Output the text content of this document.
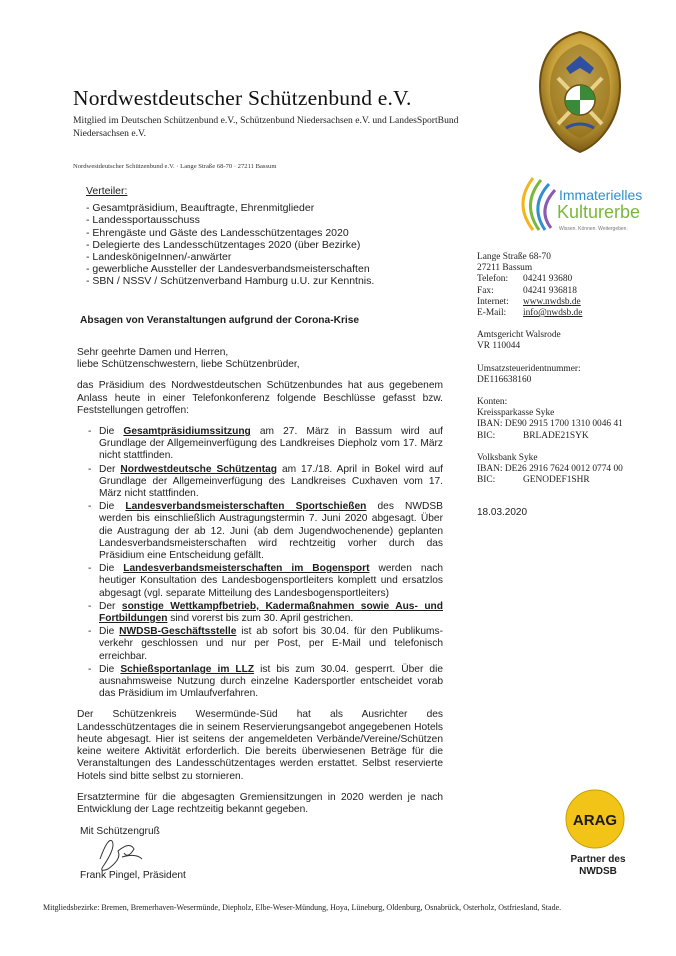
Nordwestdeutscher Schützenbund e.V.
Mitglied im Deutschen Schützenbund e.V., Schützenbund Niedersachsen e.V. und LandesSportBund Niedersachsen e.V.
Nordwestdeutscher Schützenbund e.V. · Lange Straße 68-70 · 27211 Bassum
Immaterielles
Kulturerbe
Wissen. Können. Weitergeben.
Lange Straße 68-70
27211 Bassum
Telefon:	04241 93680
Fax:	04241 936818
Internet:	www.nwdsb.de
E-Mail:	info@nwdsb.de
Amtsgericht Walsrode
VR 110044
Umsatzsteueridentnummer:
DE116638160
Konten:
Kreissparkasse Syke
IBAN: DE90 2915 1700 1310 0046 41
BIC:	BRLADE21SYK
Volksbank Syke
IBAN: DE26 2916 7624 0012 0774 00
BIC:	GENODEF1SHR
18.03.2020
Verteiler:
- Gesamtpräsidium, Beauftragte, Ehrenmitglieder
- Landessportausschuss
- Ehrengäste und Gäste des Landesschützentages 2020
- Delegierte des Landesschützentages 2020 (über Bezirke)
- LandeskönigeInnen/-anwärter
- gewerbliche Aussteller der Landesverbandsmeisterschaften
- SBN / NSSV / Schützenverband Hamburg u.U. zur Kenntnis.
Absagen von Veranstaltungen aufgrund der Corona-Krise

Sehr geehrte Damen und Herren,
liebe Schützenschwestern, liebe Schützenbrüder,

das Präsidium des Nordwestdeutschen Schützenbundes hat aus gegebenem Anlass heute in einer Telefonkonferenz folgende Beschlüsse gefasst bzw. Feststellungen getroffen:

- Die Gesamtpräsidiumssitzung am 27. März in Bassum wird auf Grundlage der Allgemeinverfügung des Landkreises Diepholz vom 17. März nicht stattfinden.
- Der Nordwestdeutsche Schützentag am 17./18. April in Bokel wird auf Grundlage der Allgemeinverfügung des Landkreises Cuxhaven vom 17. März nicht stattfinden.
- Die Landesverbandsmeisterschaften Sportschießen des NWDSB werden bis einschließlich Austragungstermin 7. Juni 2020 abgesagt. Über die Austragung der ab 12. Juni (ab dem Jugendwochenende) geplanten Landesverbandsmeisterschaften wird rechtzeitig vorher durch das Präsidium eine Entscheidung gefällt.
- Die Landesverbandsmeisterschaften im Bogensport werden nach heutiger Konsultation des Landesbogensportleiters komplett und ersatzlos abgesagt (vgl. separate Mitteilung des Landesbogensportleiters)
- Der sonstige Wettkampfbetrieb, Kadermaßnahmen sowie Aus- und Fortbildungen sind vorerst bis zum 30. April gestrichen.
- Die NWDSB-Geschäftsstelle ist ab sofort bis 30.04. für den Publikums-verkehr geschlossen und nur per Post, per E-Mail und telefonisch erreichbar.
- Die Schießsportanlage im LLZ ist bis zum 30.04. gesperrt. Über die ausnahmsweise Nutzung durch einzelne Kadersportler entscheidet vorab das Präsidium im Umlaufverfahren.

Der Schützenkreis Wesermünde-Süd hat als Ausrichter des Landesschützentages die in seinem Reservierungsangebot angegebenen Hotels heute abgesagt. Hier ist seitens der angemeldeten Verbände/Vereine/Schützen keine weitere Aktivität erforderlich. Die bereits überwiesenen Beträge für die Veranstaltungen des Landesschützentages werden erstattet. Selbst reservierte Hotels sind bitte selbst zu stornieren.

Ersatztermine für die abgesagten Gremiensitzungen in 2020 werden je nach Entwicklung der Lage rechtzeitig bekannt gegeben.

Mit Schützengruß
Frank Pingel, Präsident
ARAG
Partner des
NWDSB
Mitgliedsbezirke: Bremen, Bremerhaven-Wesermünde, Diepholz, Elbe-Weser-Mündung, Hoya, Lüneburg, Oldenburg, Osnabrück, Osterholz, Ostfriesland, Stade.
